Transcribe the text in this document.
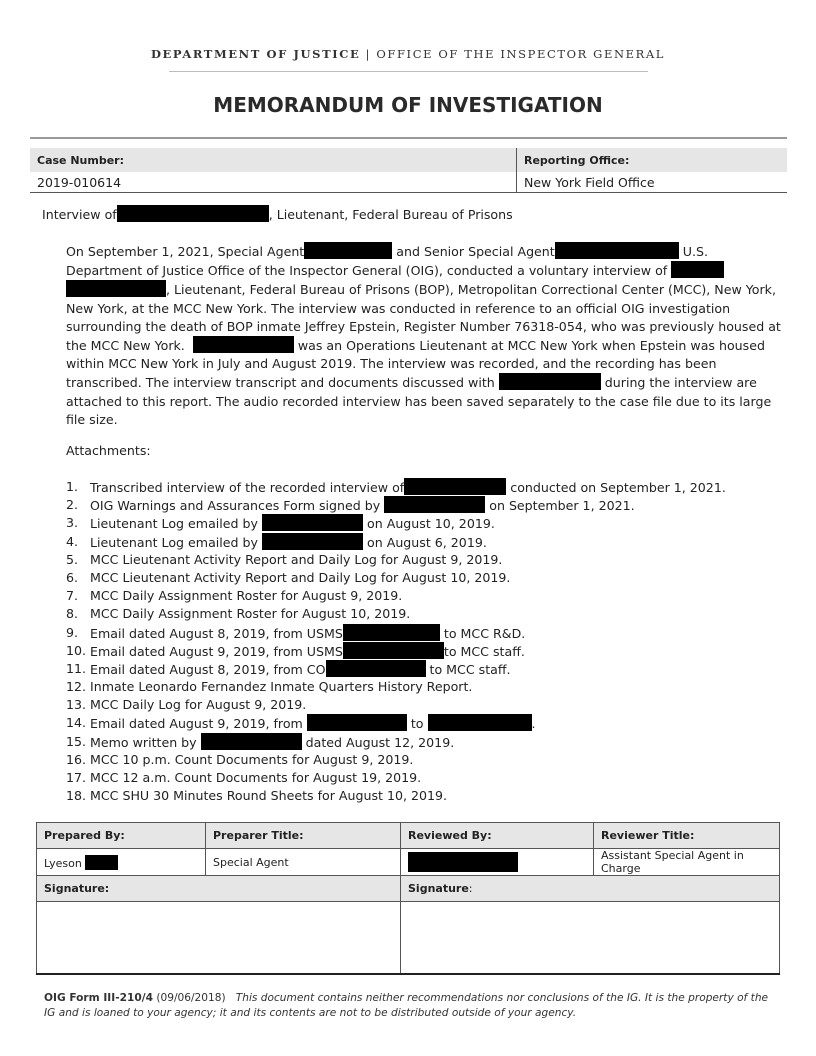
DEPARTMENT OF JUSTICE | OFFICE OF THE INSPECTOR GENERAL
MEMORANDUM OF INVESTIGATION
Case Number:	Reporting Office:
2019-010614	New York Field Office
Interview of	, Lieutenant, Federal Bureau of Prisons
On September 1, 2021, Special Agent	and Senior Special Agent	U.S. Department of Justice Office of the Inspector General (OIG), conducted a voluntary interview of  , Lieutenant, Federal Bureau of Prisons (BOP), Metropolitan Correctional Center (MCC), New York, New York, at the MCC New York. The interview was conducted in reference to an official OIG investigation surrounding the death of BOP inmate Jeffrey Epstein, Register Number 76318-054, who was previously housed at the MCC New York.	was an Operations Lieutenant at MCC New York when Epstein was housed within MCC New York in July and August 2019. The interview was recorded, and the recording has been transcribed. The interview transcript and documents discussed with	during the interview are attached to this report. The audio recorded interview has been saved separately to the case file due to its large file size.
Attachments:
1. Transcribed interview of the recorded interview of	conducted on September 1, 2021.
2. OIG Warnings and Assurances Form signed by	on September 1, 2021.
3. Lieutenant Log emailed by	on August 10, 2019.
4. Lieutenant Log emailed by	on August 6, 2019.
5. MCC Lieutenant Activity Report and Daily Log for August 9, 2019.
6. MCC Lieutenant Activity Report and Daily Log for August 10, 2019.
7. MCC Daily Assignment Roster for August 9, 2019.
8. MCC Daily Assignment Roster for August 10, 2019.
9. Email dated August 8, 2019, from USMS	to MCC R&D.
10. Email dated August 9, 2019, from USMS	to MCC staff.
11. Email dated August 8, 2019, from CO	to MCC staff.
12. Inmate Leonardo Fernandez Inmate Quarters History Report.
13. MCC Daily Log for August 9, 2019.
14. Email dated August 9, 2019, from	to	.
15. Memo written by	dated August 12, 2019.
16. MCC 10 p.m. Count Documents for August 9, 2019.
17. MCC 12 a.m. Count Documents for August 19, 2019.
18. MCC SHU 30 Minutes Round Sheets for August 10, 2019.
Prepared By:	Preparer Title:	Reviewed By:	Reviewer Title:
Lyeson	Special Agent		Assistant Special Agent in Charge
Signature:		Signature:	

OIG Form III-210/4 (09/06/2018) This document contains neither recommendations nor conclusions of the IG. It is the property of the IG and is loaned to your agency; it and its contents are not to be distributed outside of your agency.
